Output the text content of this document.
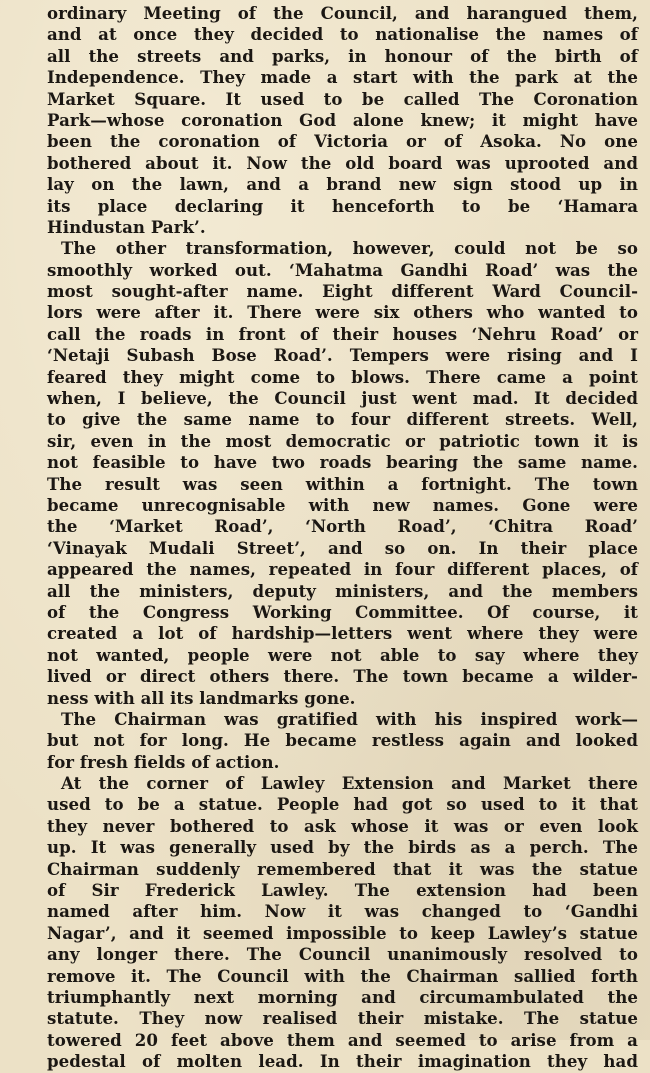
ordinary Meeting of the Council, and harangued them,
and at once they decided to nationalise the names of
all the streets and parks, in honour of the birth of
Independence. They made a start with the park at the
Market Square. It used to be called The Coronation
Park—whose coronation God alone knew; it might have
been the coronation of Victoria or of Asoka. No one
bothered about it. Now the old board was uprooted and
lay on the lawn, and a brand new sign stood up in
its place declaring it henceforth to be ‘Hamara
Hindustan Park’.
The other transformation, however, could not be so
smoothly worked out. ‘Mahatma Gandhi Road’ was the
most sought-after name. Eight different Ward Council-
lors were after it. There were six others who wanted to
call the roads in front of their houses ‘Nehru Road’ or
‘Netaji Subash Bose Road’. Tempers were rising and I
feared they might come to blows. There came a point
when, I believe, the Council just went mad. It decided
to give the same name to four different streets. Well,
sir, even in the most democratic or patriotic town it is
not feasible to have two roads bearing the same name.
The result was seen within a fortnight. The town
became unrecognisable with new names. Gone were
the ‘Market Road’, ‘North Road’, ‘Chitra Road’
‘Vinayak Mudali Street’, and so on. In their place
appeared the names, repeated in four different places, of
all the ministers, deputy ministers, and the members
of the Congress Working Committee. Of course, it
created a lot of hardship—letters went where they were
not wanted, people were not able to say where they
lived or direct others there. The town became a wilder-
ness with all its landmarks gone.
The Chairman was gratified with his inspired work—
but not for long. He became restless again and looked
for fresh fields of action.
At the corner of Lawley Extension and Market there
used to be a statue. People had got so used to it that
they never bothered to ask whose it was or even look
up. It was generally used by the birds as a perch. The
Chairman suddenly remembered that it was the statue
of Sir Frederick Lawley. The extension had been
named after him. Now it was changed to ‘Gandhi
Nagar’, and it seemed impossible to keep Lawley’s statue
any longer there. The Council unanimously resolved to
remove it. The Council with the Chairman sallied forth
triumphantly next morning and circumambulated the
statute. They now realised their mistake. The statue
towered 20 feet above them and seemed to arise from a
pedestal of molten lead. In their imagination they had
